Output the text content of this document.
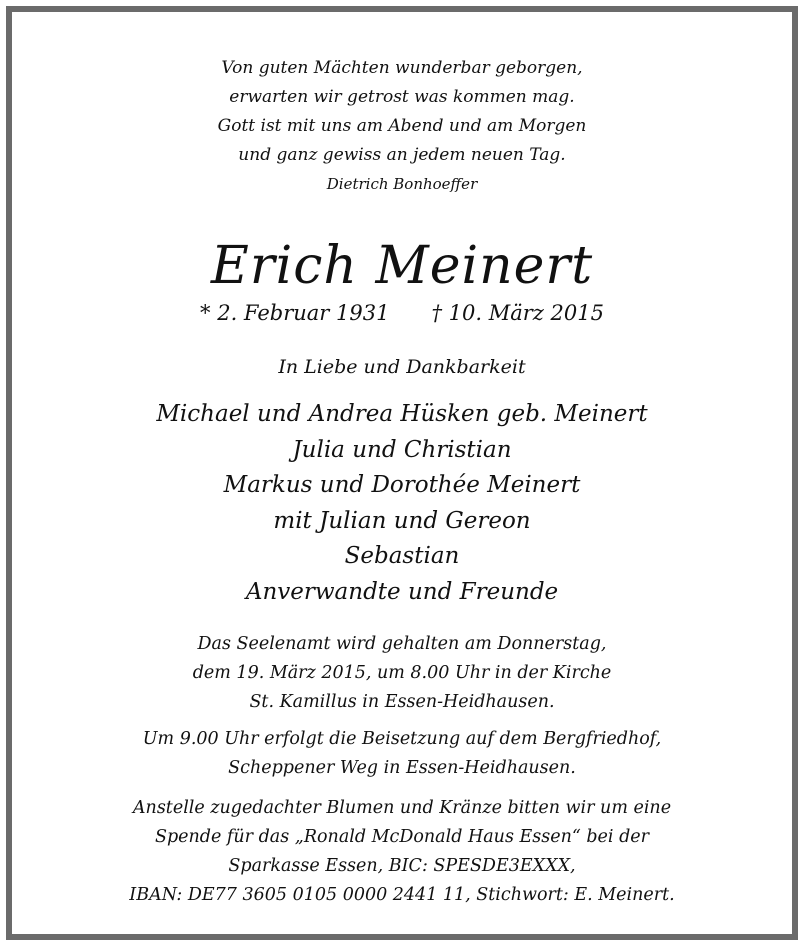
Von guten Mächten wunderbar geborgen,
erwarten wir getrost was kommen mag.
Gott ist mit uns am Abend und am Morgen
und ganz gewiss an jedem neuen Tag.
Dietrich Bonhoeffer
Erich Meinert
* 2. Februar 1931 † 10. März 2015
In Liebe und Dankbarkeit
Michael und Andrea Hüsken geb. Meinert
Julia und Christian
Markus und Dorothée Meinert
mit Julian und Gereon
Sebastian
Anverwandte und Freunde
Das Seelenamt wird gehalten am Donnerstag,
dem 19. März 2015, um 8.00 Uhr in der Kirche
St. Kamillus in Essen-Heidhausen.
Um 9.00 Uhr erfolgt die Beisetzung auf dem Bergfriedhof,
Scheppener Weg in Essen-Heidhausen.
Anstelle zugedachter Blumen und Kränze bitten wir um eine
Spende für das „Ronald McDonald Haus Essen“ bei der
Sparkasse Essen, BIC: SPESDE3EXXX,
IBAN: DE77 3605 0105 0000 2441 11, Stichwort: E. Meinert.
